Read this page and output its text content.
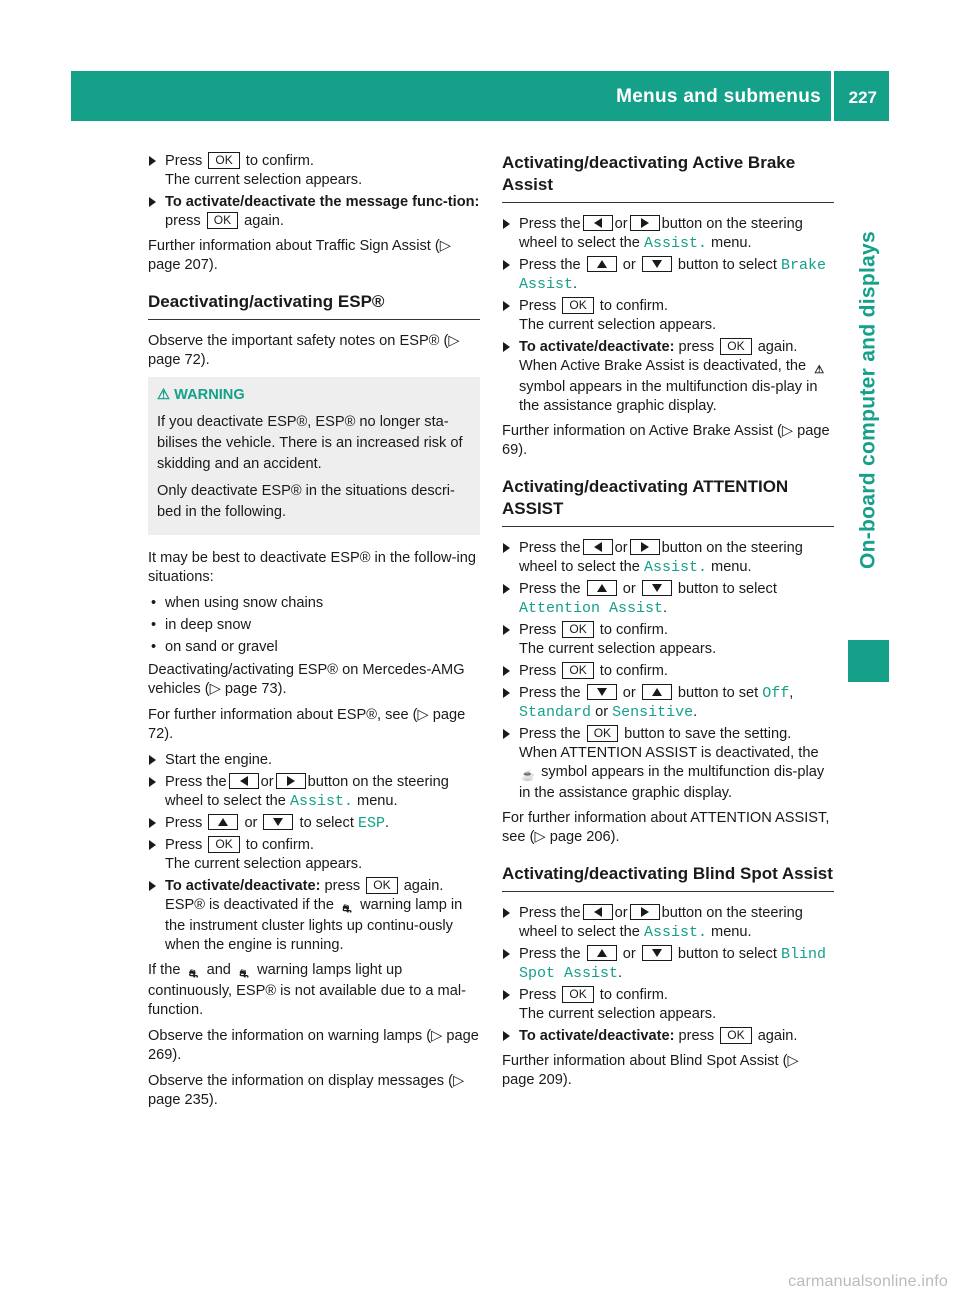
Menus and submenus 227
On-board computer and displays
carmanualsonline.info
Press OK to confirm.
The current selection appears.
To activate/deactivate the message func-tion: press OK again.

Further information about Traffic Sign Assist (▷ page 207).

Deactivating/activating ESP®

Observe the important safety notes on ESP® (▷ page 72).

⚠ WARNING

If you deactivate ESP®, ESP® no longer sta-bilises the vehicle. There is an increased risk of skidding and an accident.

Only deactivate ESP® in the situations descri-bed in the following.

It may be best to deactivate ESP® in the follow-ing situations:

• when using snow chains
• in deep snow
• on sand or gravel

Deactivating/activating ESP® on Mercedes-AMG vehicles (▷ page 73).

For further information about ESP®, see (▷ page 72).

Start the engine.
Press the or button on the steering wheel to select the Assist. menu.
Press	or	to select ESP.
Press OK to confirm.
The current selection appears.
To activate/deactivate: press OK again.
ESP® is deactivated if the ⛐ warning lamp in the instrument cluster lights up continu-ously when the engine is running.

If the ⛐ and ⛐ warning lamps light up continuously, ESP® is not available due to a mal-function.

Observe the information on warning lamps (▷ page 269).

Observe the information on display messages (▷ page 235).

Activating/deactivating Active Brake Assist
Press the or button on the steering wheel to select the Assist. menu.
Press the	or	button to select Brake Assist.
Press OK to confirm.
The current selection appears.
To activate/deactivate: press OK again.
When Active Brake Assist is deactivated, the ⚠ symbol appears in the multifunction dis-play in the assistance graphic display.

Further information on Active Brake Assist (▷ page 69).

Activating/deactivating ATTENTION ASSIST
Press the or button on the steering wheel to select the Assist. menu.
Press the	or	button to select Attention Assist.
Press OK to confirm.
The current selection appears.
Press OK to confirm.
Press the	or	button to set Off, Standard or Sensitive.
Press the OK button to save the setting.
When ATTENTION ASSIST is deactivated, the ☕ symbol appears in the multifunction dis-play in the assistance graphic display.

For further information about ATTENTION ASSIST, see (▷ page 206).

Activating/deactivating Blind Spot Assist
Press the or button on the steering wheel to select the Assist. menu.
Press the	or	button to select Blind Spot Assist.
Press OK to confirm.
The current selection appears.
To activate/deactivate: press OK again.

Further information about Blind Spot Assist (▷ page 209).
